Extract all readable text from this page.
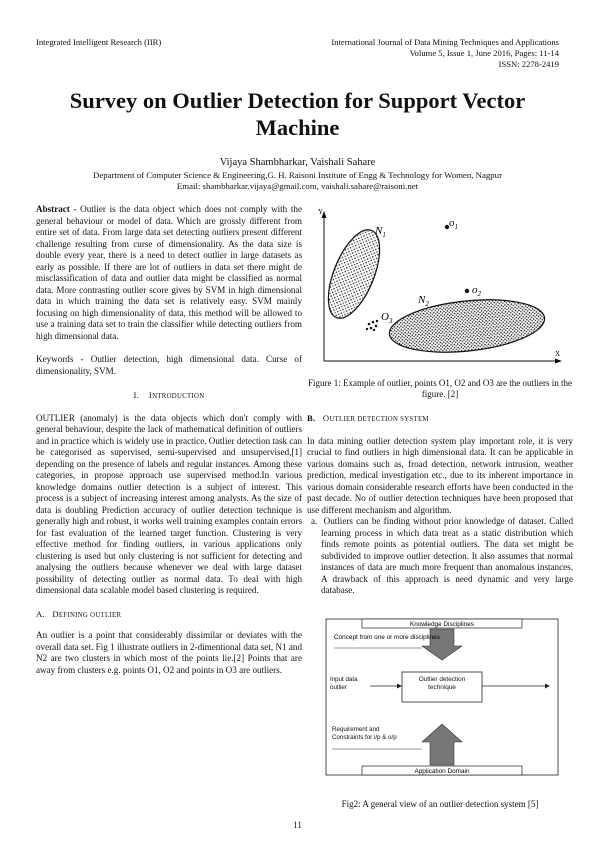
Integrated Intelligent Research (IIR)	International Journal of Data Mining Techniques and Applications
Volume 5, Issue 1, June 2016, Pages: 11-14
ISSN: 2278-2419
Survey on Outlier Detection for Support Vector
Machine
Vijaya Shambharkar, Vaishali Sahare
Department of Computer Science & Engineering,G. H. Raisoni Institute of Engg & Technology for Women, Nagpur
Email: shambharkar.vijaya@gmail.com, vaishali.sahare@raisoni.net

Abstract - Outlier is the data object which does not comply with the general behaviour or model of data. Which are grossly different from entire set of data. From large data set detecting outliers present different challenge resulting from curse of dimensionality. As the data size is double every year, there is a need to detect outlier in large datasets as early as possible. If there are lot of outliers in data set there might de misclassification of data and outlier data might be classified as normal data. More contrasting outlier score gives by SVM in high dimensional data in which training the data set is relatively easy. SVM mainly focusing on high dimensionality of data, this method will be allowed to use a training data set to train the classifier while detecting outliers from high dimensional data.

Keywords - Outlier detection, high dimensional data. Curse of dimensionality, SVM.

I. INTRODUCTION

OUTLIER (anomaly) is the data objects which don't comply with general behaviour, despite the lack of mathematical definition of outliers and in practice which is widely use in practice. Outlier detection task can be categorised as supervised, semi-supervised and unsupervised,[1] depending on the presence of labels and regular instances. Among these categories, in propose approach use supervised method.In various knowledge domains outlier detection is a subject of interest. This process is a subject of increasing interest among analysts. As the size of data is doubling Prediction accuracy of outlier detection technique is generally high and robust, it works well training examples contain errors for fast evaluation of the learned target function. Clustering is very effective method for finding outliers, in various applications only clustering is used but only clustering is not sufficient for detecting and analysing the outliers because whenever we deal with large dataset possibility of detecting outlier as normal data. To deal with high dimensional data scalable model based clustering is required.

A. DEFINING OUTLIER

An outlier is a point that considerably dissimilar or deviates with the overall data set. Fig 1 illustrate outliers in 2-dimentional data set, N1 and N2 are two clusters in which most of the points lie.[2] Points that are away from clusters e.g. points O1, O2 and points in O3 are outliers.

Y
X
$N_1$
$N_2$
$o_1$
$o_2$
$O_3$
Figure 1: Example of outlier, points O1, O2 and O3 are the outliers in the figure. [2]
B. OUTLIER DETECTION SYSTEM

In data mining outlier detection system play important role, it is very crucial to find outliers in high dimensional data. It can be applicable in various domains such as, froad detection, network intrusion, weather prediction, medical investigation etc., due to its inherent importance in various domain considerable research efforts have been conducted in the past decade. No of outlier detection techniques have been proposed that use different mechanism and algorithm.

a. Outliers can be finding without prior knowledge of dataset. Called learning process in which data treat as a static distribution which finds remote points as potential outliers. The data set might be subdivided to improve outlier detection. It also assumes that normal instances of data are much more frequent than anomalous instances. A drawback of this approach is need dynamic and very large database.
Knowledge Disciplines
Application Domain
Concept from one or more disciplines
Outlier detection technique
Input data outlier
Requirement and Constraints for i/p & o/p
Fig2: A general view of an outlier detection system [5]
11
